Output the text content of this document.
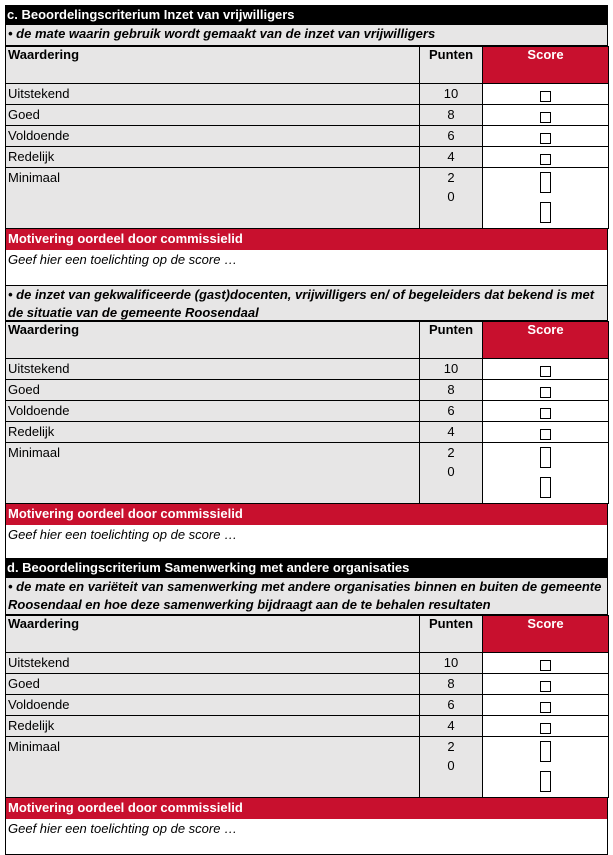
c. Beoordelingscriterium Inzet van vrijwilligers
• de mate waarin gebruik wordt gemaakt van de inzet van vrijwilligers
Waardering	Punten	Score
Uitstekend	10	
Goed	8	
Voldoende	6	
Redelijk	4	
Minimaal	2
0	

Motivering oordeel door commissielid
Geef hier een toelichting op de score …
• de inzet van gekwalificeerde (gast)docenten, vrijwilligers en/ of begeleiders dat bekend is met de situatie van de gemeente Roosendaal
Waardering	Punten	Score
Uitstekend	10	
Goed	8	
Voldoende	6	
Redelijk	4	
Minimaal	2
0	

Motivering oordeel door commissielid
Geef hier een toelichting op de score …
d. Beoordelingscriterium Samenwerking met andere organisaties
• de mate en variëteit van samenwerking met andere organisaties binnen en buiten de gemeente Roosendaal en hoe deze samenwerking bijdraagt aan de te behalen resultaten
Waardering	Punten	Score
Uitstekend	10	
Goed	8	
Voldoende	6	
Redelijk	4	
Minimaal	2
0	

Motivering oordeel door commissielid
Geef hier een toelichting op de score …
